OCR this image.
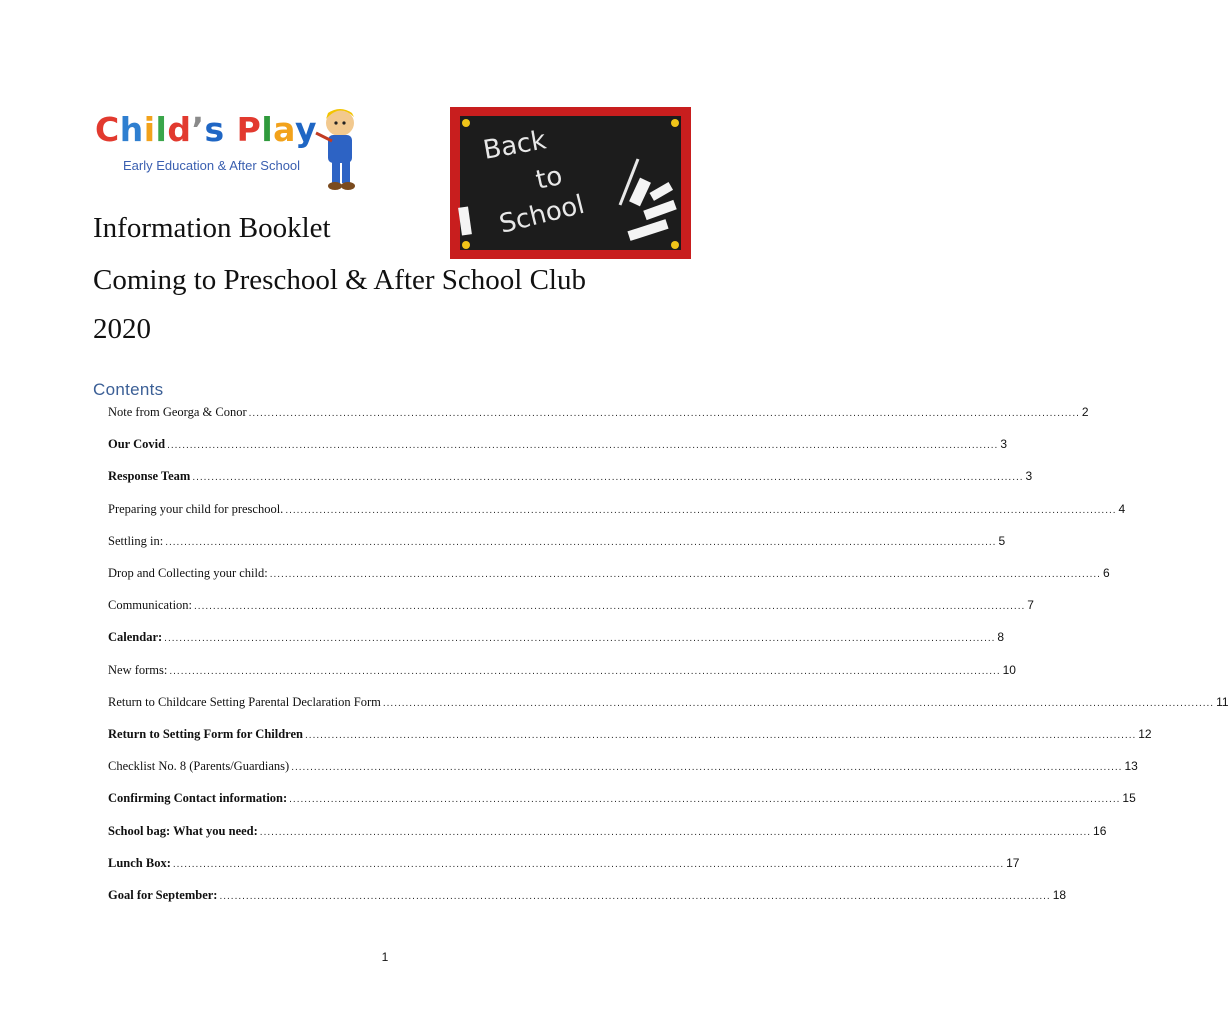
Child’s Play
Early Education & After School	Back
to
School
Information Booklet
Coming to Preschool & After School Club
2020
Contents
Note from Georga & Conor ............................................................................................................................................................................................................................ 2
Our Covid ............................................................................................................................................................................................................................ 3
Response Team ............................................................................................................................................................................................................................ 3
Preparing your child for preschool. ............................................................................................................................................................................................................................ 4
Settling in: ............................................................................................................................................................................................................................ 5
Drop and Collecting your child: ............................................................................................................................................................................................................................ 6
Communication: ............................................................................................................................................................................................................................ 7
Calendar: ............................................................................................................................................................................................................................ 8
New forms: ............................................................................................................................................................................................................................ 10
Return to Childcare Setting Parental Declaration Form ............................................................................................................................................................................................................................ 11
Return to Setting Form for Children ............................................................................................................................................................................................................................ 12
Checklist No. 8 (Parents/Guardians) ............................................................................................................................................................................................................................ 13
Confirming Contact information: ............................................................................................................................................................................................................................ 15
School bag: What you need: ............................................................................................................................................................................................................................ 16
Lunch Box: ............................................................................................................................................................................................................................ 17
Goal for September: ............................................................................................................................................................................................................................ 18
1
